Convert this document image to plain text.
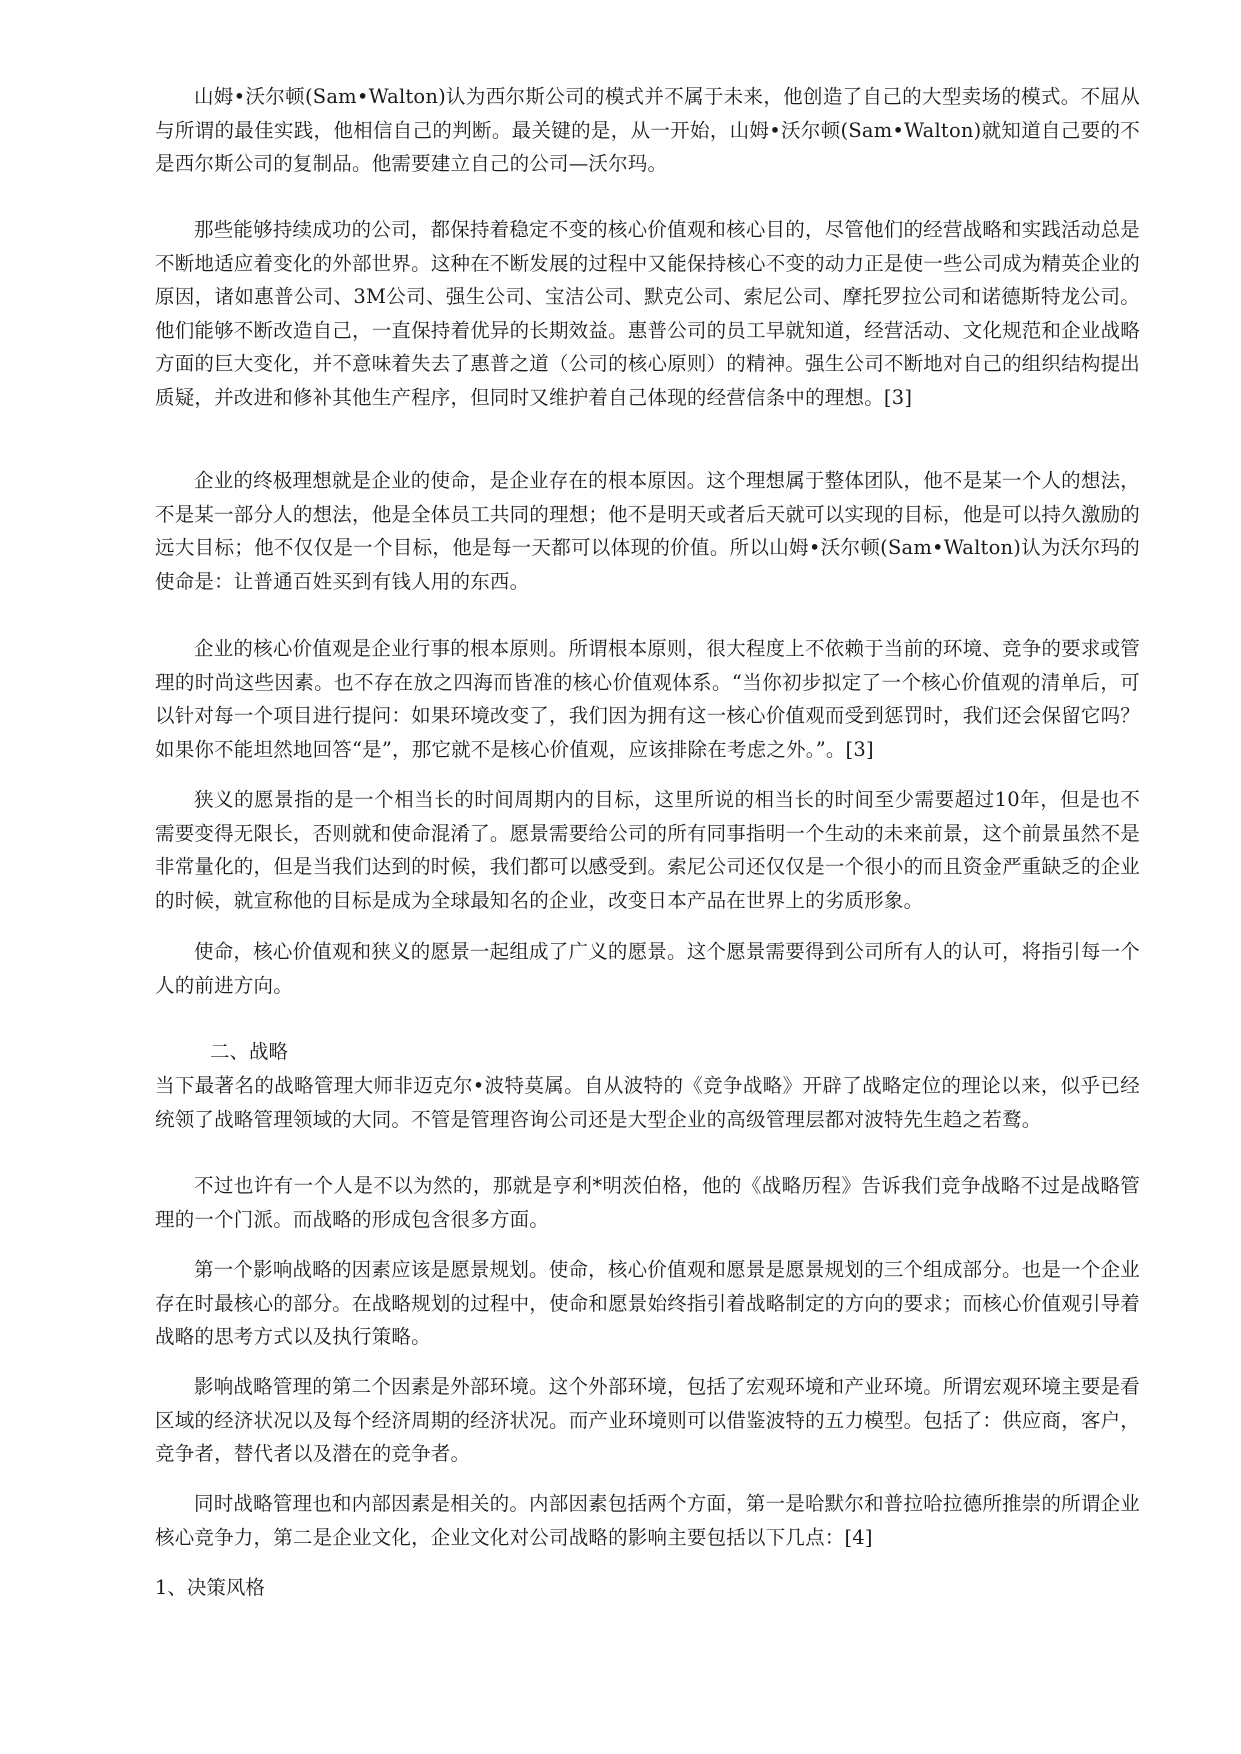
山姆•沃尔顿(Sam•Walton)认为西尔斯公司的模式并不属于未来，他创造了自己的大型卖场的模式。不屈从与所谓的最佳实践，他相信自己的判断。最关键的是，从一开始，山姆•沃尔顿(Sam•Walton)就知道自己要的不是西尔斯公司的复制品。他需要建立自己的公司—沃尔玛。

那些能够持续成功的公司，都保持着稳定不变的核心价值观和核心目的，尽管他们的经营战略和实践活动总是不断地适应着变化的外部世界。这种在不断发展的过程中又能保持核心不变的动力正是使一些公司成为精英企业的原因，诸如惠普公司、3M公司、强生公司、宝洁公司、默克公司、索尼公司、摩托罗拉公司和诺德斯特龙公司。他们能够不断改造自己，一直保持着优异的长期效益。惠普公司的员工早就知道，经营活动、文化规范和企业战略方面的巨大变化，并不意味着失去了惠普之道（公司的核心原则）的精神。强生公司不断地对自己的组织结构提出质疑，并改进和修补其他生产程序，但同时又维护着自己体现的经营信条中的理想。[3]

企业的终极理想就是企业的使命，是企业存在的根本原因。这个理想属于整体团队，他不是某一个人的想法，不是某一部分人的想法，他是全体员工共同的理想；他不是明天或者后天就可以实现的目标，他是可以持久激励的远大目标；他不仅仅是一个目标，他是每一天都可以体现的价值。所以山姆•沃尔顿(Sam•Walton)认为沃尔玛的使命是：让普通百姓买到有钱人用的东西。

企业的核心价值观是企业行事的根本原则。所谓根本原则，很大程度上不依赖于当前的环境、竞争的要求或管理的时尚这些因素。也不存在放之四海而皆准的核心价值观体系。“当你初步拟定了一个核心价值观的清单后，可以针对每一个项目进行提问：如果环境改变了，我们因为拥有这一核心价值观而受到惩罚时，我们还会保留它吗？如果你不能坦然地回答“是”，那它就不是核心价值观，应该排除在考虑之外。”。[3]

狭义的愿景指的是一个相当长的时间周期内的目标，这里所说的相当长的时间至少需要超过10年，但是也不需要变得无限长，否则就和使命混淆了。愿景需要给公司的所有同事指明一个生动的未来前景，这个前景虽然不是非常量化的，但是当我们达到的时候，我们都可以感受到。索尼公司还仅仅是一个很小的而且资金严重缺乏的企业的时候，就宣称他的目标是成为全球最知名的企业，改变日本产品在世界上的劣质形象。

使命，核心价值观和狭义的愿景一起组成了广义的愿景。这个愿景需要得到公司所有人的认可，将指引每一个人的前进方向。

二、战略

当下最著名的战略管理大师非迈克尔•波特莫属。自从波特的《竞争战略》开辟了战略定位的理论以来，似乎已经统领了战略管理领域的大同。不管是管理咨询公司还是大型企业的高级管理层都对波特先生趋之若鹜。

不过也许有一个人是不以为然的，那就是亨利*明茨伯格，他的《战略历程》告诉我们竞争战略不过是战略管理的一个门派。而战略的形成包含很多方面。

第一个影响战略的因素应该是愿景规划。使命，核心价值观和愿景是愿景规划的三个组成部分。也是一个企业存在时最核心的部分。在战略规划的过程中，使命和愿景始终指引着战略制定的方向的要求；而核心价值观引导着战略的思考方式以及执行策略。

影响战略管理的第二个因素是外部环境。这个外部环境，包括了宏观环境和产业环境。所谓宏观环境主要是看区域的经济状况以及每个经济周期的经济状况。而产业环境则可以借鉴波特的五力模型。包括了：供应商，客户，竞争者，替代者以及潜在的竞争者。

同时战略管理也和内部因素是相关的。内部因素包括两个方面，第一是哈默尔和普拉哈拉德所推崇的所谓企业核心竞争力，第二是企业文化，企业文化对公司战略的影响主要包括以下几点：[4]

1、决策风格
